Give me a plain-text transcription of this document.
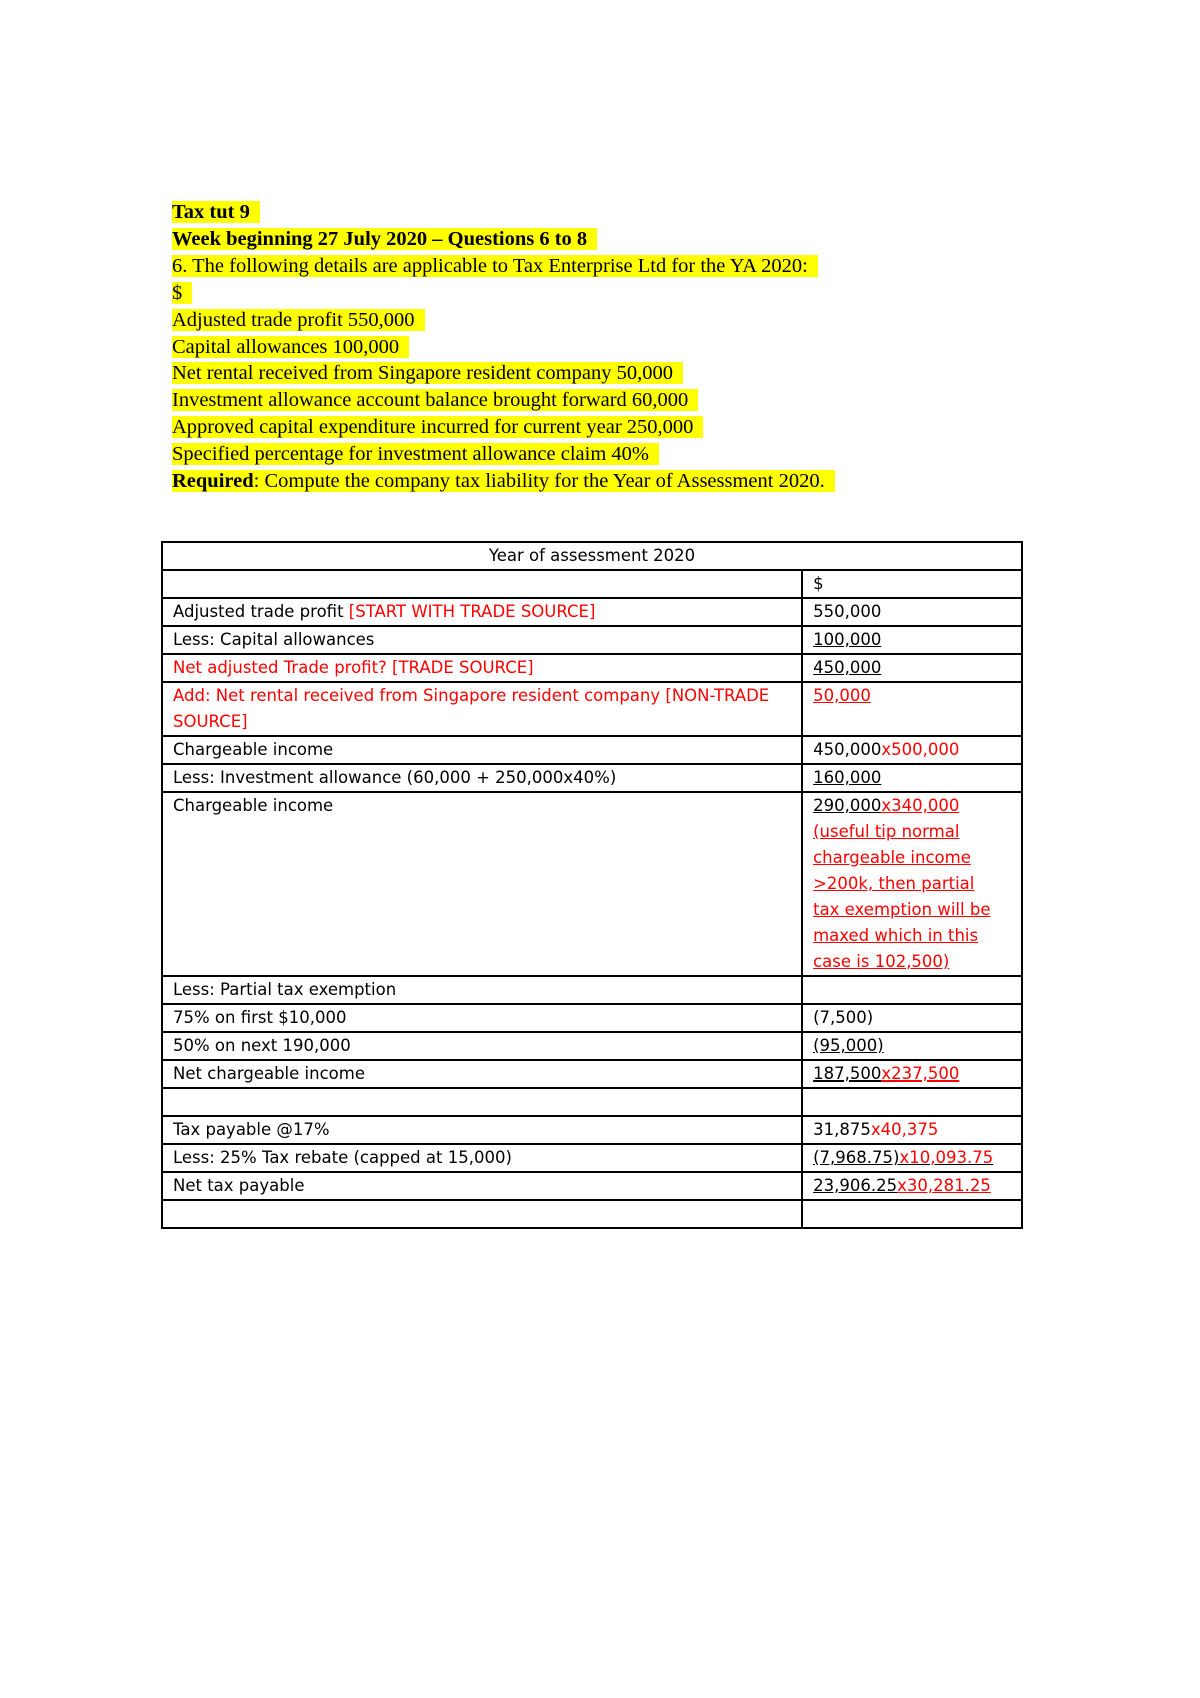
Tax tut 9
Week beginning 27 July 2020 – Questions 6 to 8
6. The following details are applicable to Tax Enterprise Ltd for the YA 2020:
$
Adjusted trade profit 550,000
Capital allowances 100,000
Net rental received from Singapore resident company 50,000
Investment allowance account balance brought forward 60,000
Approved capital expenditure incurred for current year 250,000
Specified percentage for investment allowance claim 40%
Required: Compute the company tax liability for the Year of Assessment 2020.
Year of assessment 2020	
	$
Adjusted trade profit [START WITH TRADE SOURCE]	550,000
Less: Capital allowances	100,000
Net adjusted Trade profit? [TRADE SOURCE]	450,000
Add: Net rental received from Singapore resident company [NON-TRADE SOURCE]	50,000
Chargeable income	450,000x500,000
Less: Investment allowance (60,000 + 250,000x40%)	160,000
Chargeable income	290,000x340,000
(useful tip normal chargeable income >200k, then partial tax exemption will be maxed which in this case is 102,500)

Less: Partial tax exemption	
75% on first $10,000	(7,500)
50% on next 190,000	(95,000)
Net chargeable income	187,500x237,500

Tax payable @17%	31,875x40,375
Less: 25% Tax rebate (capped at 15,000)	(7,968.75)x10,093.75

Net tax payable	23,906.25x30,281.25
